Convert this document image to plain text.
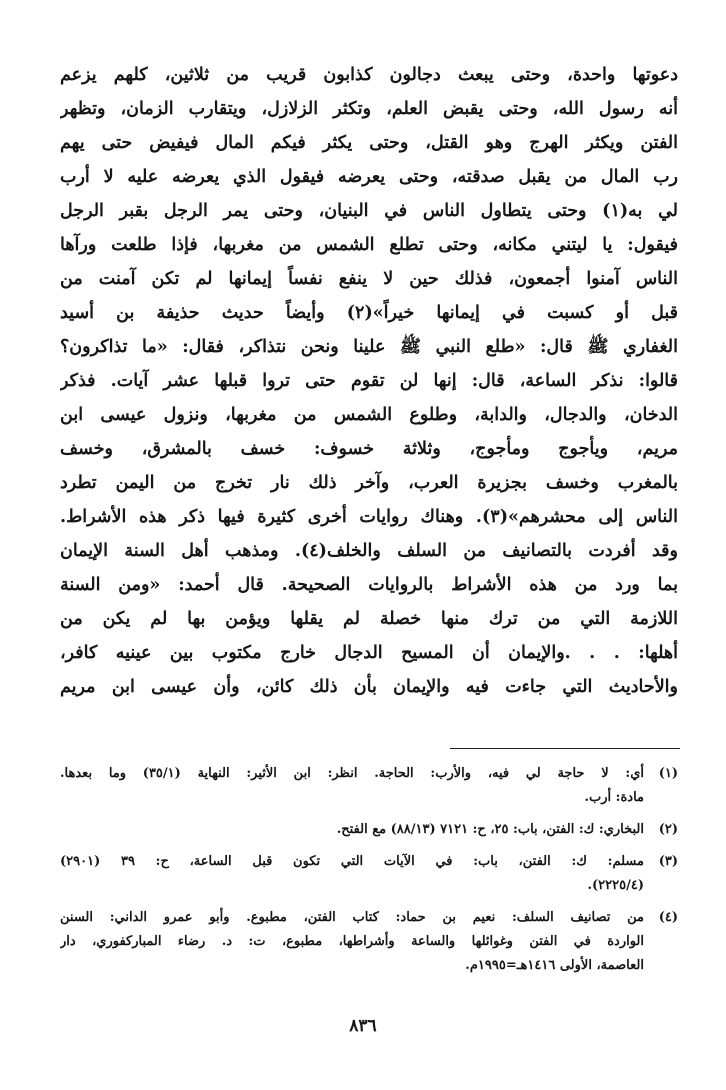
دعوتها واحدة، وحتى يبعث دجالون كذابون قريب من ثلاثين، كلهم يزعم
أنه رسول الله، وحتى يقبض العلم، وتكثر الزلازل، ويتقارب الزمان، وتظهر
الفتن ويكثر الهرج وهو القتل، وحتى يكثر فيكم المال فيفيض حتى يهم
رب المال من يقبل صدقته، وحتى يعرضه فيقول الذي يعرضه عليه لا أرب
لي به(١) وحتى يتطاول الناس في البنيان، وحتى يمر الرجل بقبر الرجل
فيقول: يا ليتني مكانه، وحتى تطلع الشمس من مغربها، فإذا طلعت ورآها
الناس آمنوا أجمعون، فذلك حين لا ينفع نفساً إيمانها لم تكن آمنت من
قبل أو كسبت في إيمانها خيراً»(٢) وأيضاً حديث حذيفة بن أسيد
الغفاري ﷺ قال: «طلع النبي ﷺ علينا ونحن نتذاكر، فقال: «ما تذاكرون؟
قالوا: نذكر الساعة، قال: إنها لن تقوم حتى تروا قبلها عشر آيات. فذكر
الدخان، والدجال، والدابة، وطلوع الشمس من مغربها، ونزول عيسى ابن
مريم، ويأجوج ومأجوج، وثلاثة خسوف: خسف بالمشرق، وخسف
بالمغرب وخسف بجزيرة العرب، وآخر ذلك نار تخرج من اليمن تطرد
الناس إلى محشرهم»(٣). وهناك روايات أخرى كثيرة فيها ذكر هذه الأشراط.
وقد أفردت بالتصانيف من السلف والخلف(٤). ومذهب أهل السنة الإيمان
بما ورد من هذه الأشراط بالروايات الصحيحة. قال أحمد: «ومن السنة
اللازمة التي من ترك منها خصلة لم يقلها ويؤمن بها لم يكن من
أهلها: . . .والإيمان أن المسيح الدجال خارج مكتوب بين عينيه كافر،
والأحاديث التي جاءت فيه والإيمان بأن ذلك كائن، وأن عيسى ابن مريم
(١)
أي: لا حاجة لي فيه، والأرب: الحاجة. انظر: ابن الأثير: النهاية (٣٥/١) وما بعدها.
مادة: أرب.
(٢)
البخاري: ك: الفتن، باب: ٢٥، ح: ٧١٢١ (٨٨/١٣) مع الفتح.
(٣)
مسلم: ك: الفتن، باب: في الآيات التي تكون قبل الساعة، ح: ٣٩ (٢٩٠١)
(٢٢٢٥/٤).
(٤)
من تصانيف السلف: نعيم بن حماد: كتاب الفتن، مطبوع. وأبو عمرو الداني: السنن
الواردة في الفتن وغوائلها والساعة وأشراطها، مطبوع، ت: د. رضاء المباركفوري، دار
العاصمة، الأولى ١٤١٦هـ=١٩٩٥م.
٨٣٦
